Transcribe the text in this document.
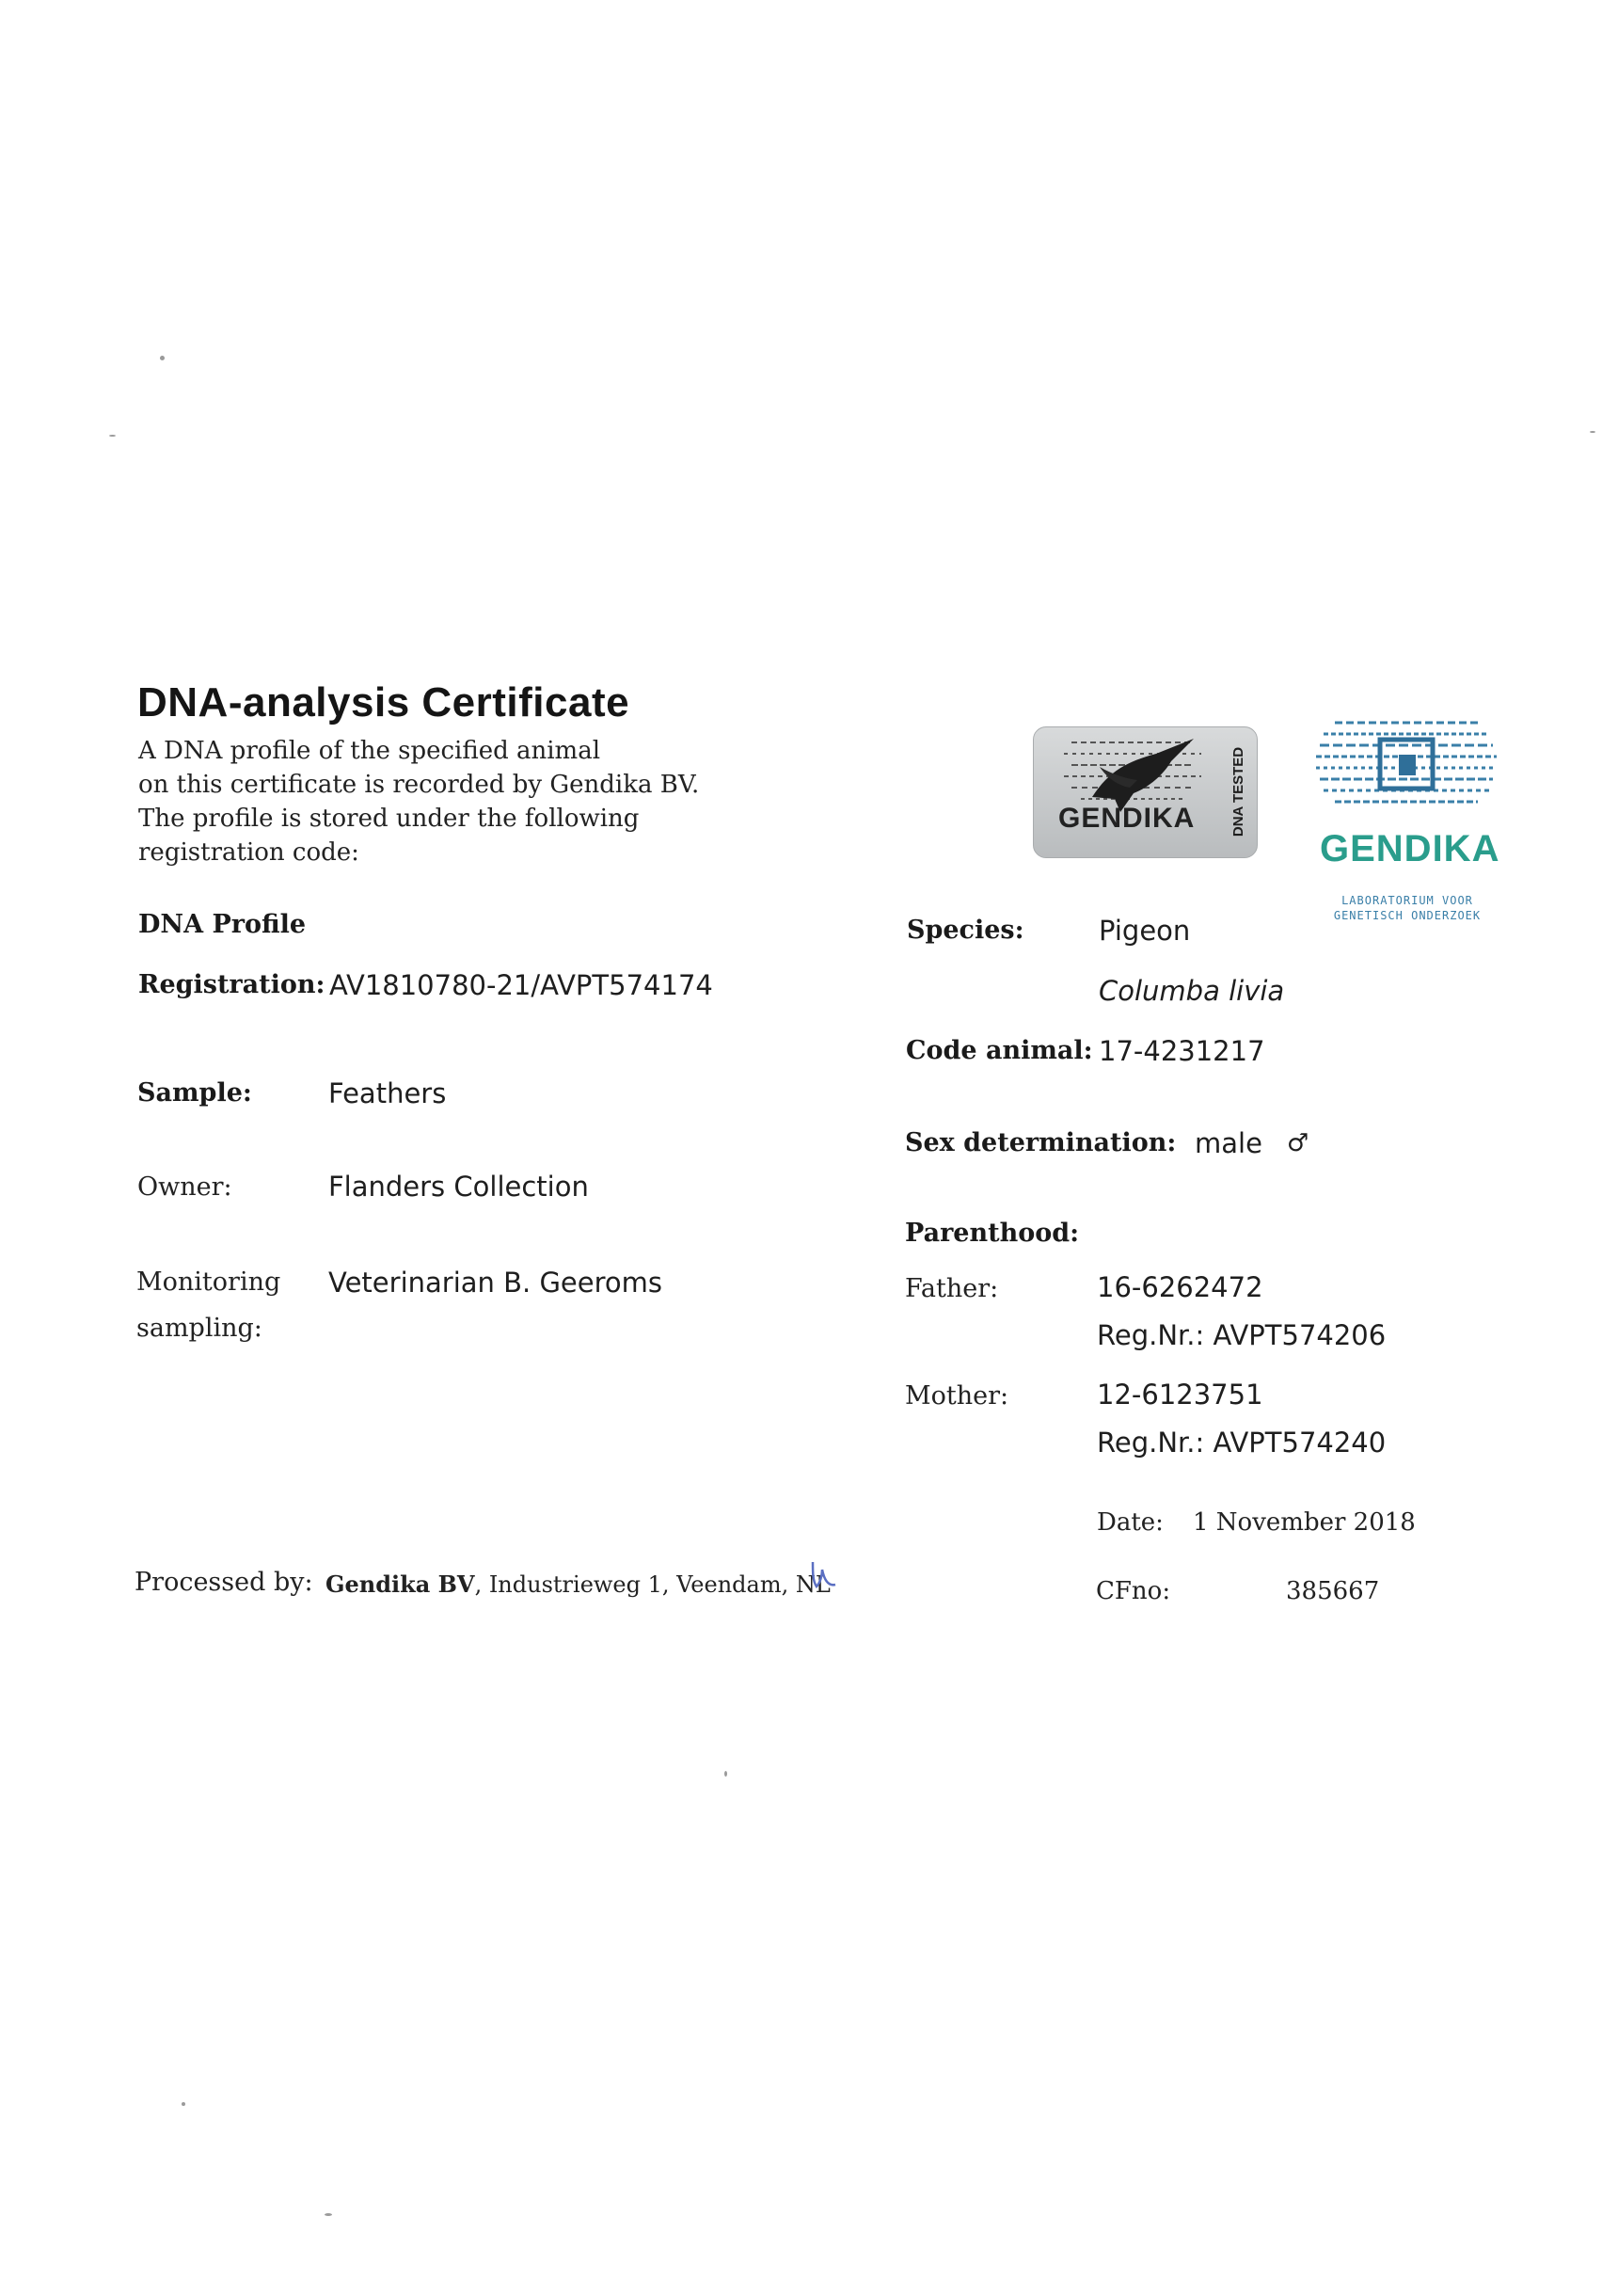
DNA-analysis Certificate
A DNA profile of the specified animal
on this certificate is recorded by Gendika BV.
The profile is stored under the following
registration code:
GENDIKA	DNA TESTED
GENDIKA
LABORATORIUM VOOR
GENETISCH ONDERZOEK
DNA Profile
Registration: AV1810780-21/AVPT574174
Sample:	Feathers
Owner:	Flanders Collection
Monitoring
sampling:
Veterinarian B. Geeroms
Species:	Pigeon
Columba livia
Code animal: 17-4231217
Sex determination: male ♂
Parenthood:
Father:	16-6262472
Reg.Nr.: AVPT574206
Mother:	12-6123751
Reg.Nr.: AVPT574240
Date: 1 November 2018
Processed by: Gendika BV, Industrieweg 1, Veendam, NL	CFno:	385667
